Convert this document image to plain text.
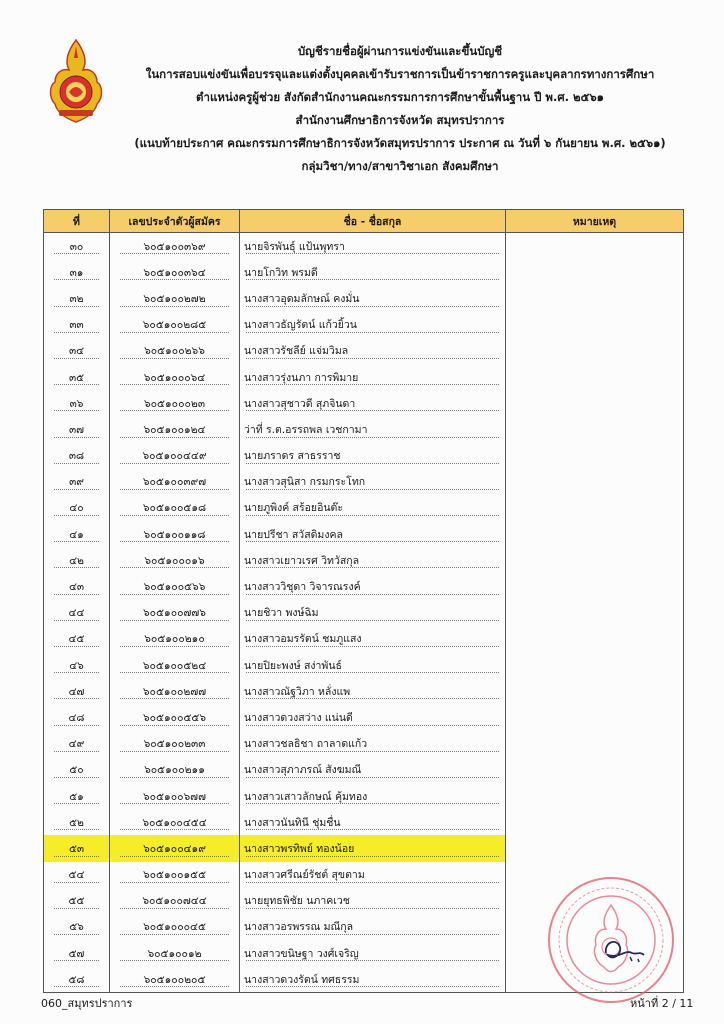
บัญชีรายชื่อผู้ผ่านการแข่งขันและขึ้นบัญชี
ในการสอบแข่งขันเพื่อบรรจุและแต่งตั้งบุคคลเข้ารับราชการเป็นข้าราชการครูและบุคลากรทางการศึกษา
ตำแหน่งครูผู้ช่วย สังกัดสำนักงานคณะกรรมการการศึกษาขั้นพื้นฐาน ปี พ.ศ. ๒๕๖๑
สำนักงานศึกษาธิการจังหวัด สมุทรปราการ
(แนบท้ายประกาศ คณะกรรมการศึกษาธิการจังหวัดสมุทรปราการ ประกาศ ณ วันที่ ๖ กันยายน พ.ศ. ๒๕๖๑)
กลุ่มวิชา/ทาง/สาขาวิชาเอก สังคมศึกษา
ที่	เลขประจำตัวผู้สมัคร	ชื่อ - ชื่อสกุล	หมายเหตุ
๓๐	๖๐๕๑๐๐๓๖๙	นายจิรพันธุ์ แป้นพุทรา

๓๑	๖๐๕๑๐๐๓๖๔	นายโกวิท พรมดี

๓๒	๖๐๕๑๐๐๒๗๒	นางสาวอุดมลักษณ์ คงมั่น

๓๓	๖๐๕๑๐๐๒๘๕	นางสาวธัญรัตน์ แก้วยิ้วน

๓๔	๖๐๕๑๐๐๒๖๖	นางสาวรัชลีย์ แจ่มวิมล

๓๕	๖๐๕๑๐๐๐๖๔	นางสาวรุ่งนภา การพิมาย

๓๖	๖๐๕๑๐๐๐๒๓	นางสาวสุชาวดี สุภจินดา

๓๗	๖๐๕๑๐๐๑๒๔	ว่าที่ ร.ต.อรรถพล เวชกามา

๓๘	๖๐๕๑๐๐๔๔๙	นายภราดร สาธรราช

๓๙	๖๐๕๑๐๐๓๙๗	นางสาวสุนิสา กรมกระโทก

๔๐	๖๐๕๑๐๐๕๑๘	นายภูพิงค์ สร้อยอินต๊ะ

๔๑	๖๐๕๑๐๐๑๑๘	นายปรีชา สวัสดิมงคล

๔๒	๖๐๕๑๐๐๐๑๖	นางสาวเยาวเรศ วิทวัสกุล

๔๓	๖๐๕๑๐๐๕๖๖	นางสาววิชุดา วิจารณรงค์

๔๔	๖๐๕๑๐๐๗๗๖	นายชิวา พงษ์ฉิม

๔๕	๖๐๕๑๐๐๒๑๐	นางสาวอมรรัตน์ ชมภูแสง

๔๖	๖๐๕๑๐๐๕๒๔	นายปิยะพงษ์ สง่าพันธ์

๔๗	๖๐๕๑๐๐๒๗๗	นางสาวณัฐวิภา หลั่งแพ

๔๘	๖๐๕๑๐๐๕๕๖	นางสาวดวงสว่าง แน่นดี

๔๙	๖๐๕๑๐๐๒๓๓	นางสาวชลธิชา ถาลาดแก้ว

๕๐	๖๐๕๑๐๐๒๑๑	นางสาวสุภาภรณ์ สังฆมณี

๕๑	๖๐๕๑๐๐๖๗๗	นางสาวเสาวลักษณ์ คุ้มทอง

๕๒	๖๐๕๑๐๐๔๕๔	นางสาวนันทินี ชุ่มชื่น

๕๓	๖๐๕๑๐๐๔๑๙	นางสาวพรทิพย์ ทองน้อย

๕๔	๖๐๕๑๐๐๑๕๕	นางสาวศรีณย์รัชต์ สุขตาม

๕๕	๖๐๕๑๐๐๗๔๔	นายยุทธพิชัย นภาคเวช

๕๖	๖๐๕๑๐๐๐๔๕	นางสาวอรพรรณ มณีกุล

๕๗	๖๐๕๑๐๐๑๒	นางสาวขนิษฐา วงศ์เจริญ

๕๘	๖๐๕๑๐๐๒๐๕	นางสาวดวงรัตน์ ทศธรรม

060_สมุทรปราการ	หน้าที่ 2 / 11
